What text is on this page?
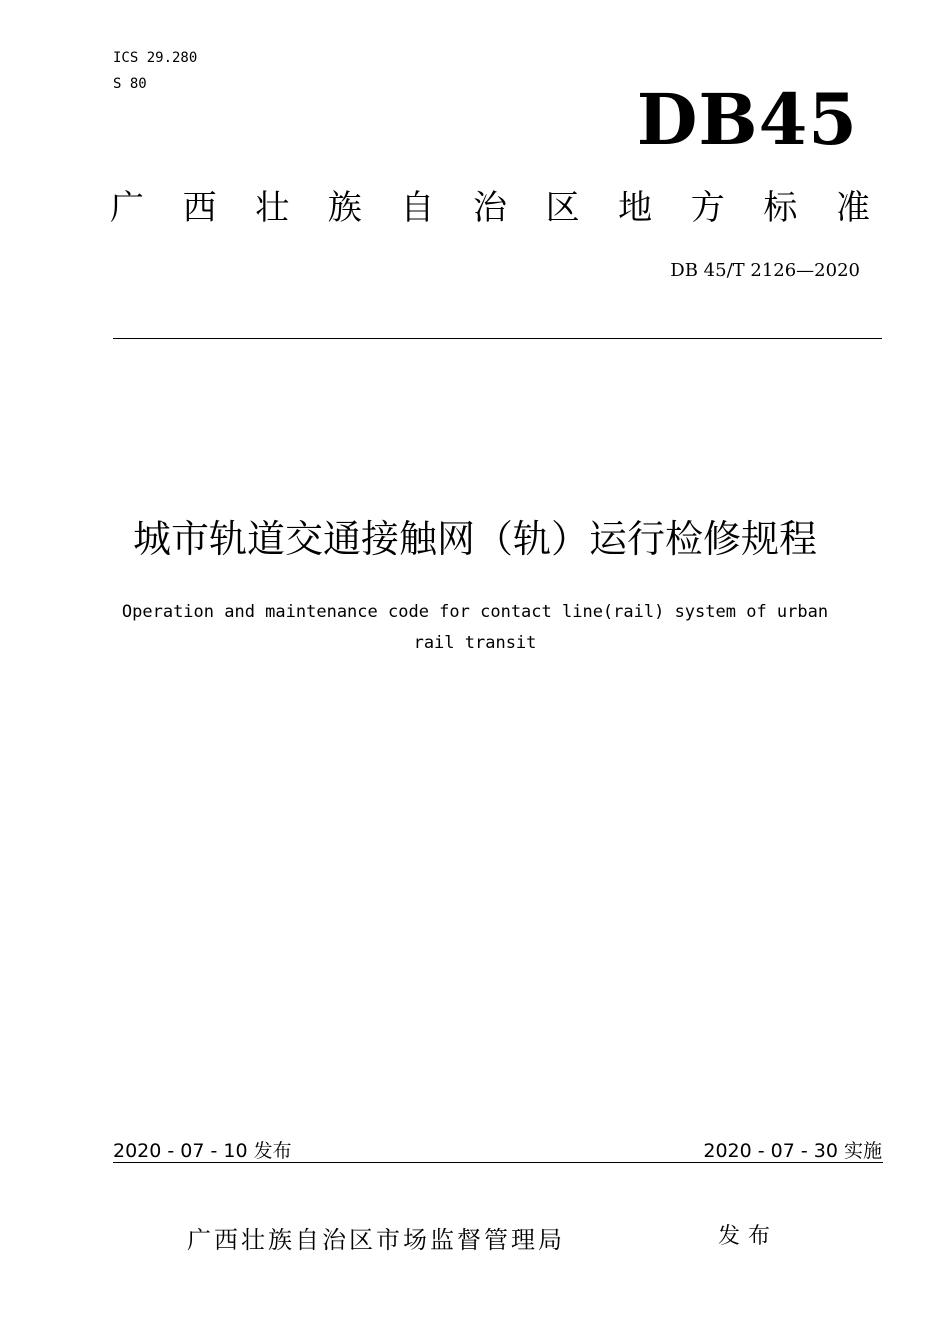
ICS 29.280
S 80	DB45
广 西 壮 族 自 治 区 地 方 标 准
DB 45/T 2126—2020
城市轨道交通接触网（轨）运行检修规程
Operation and maintenance code for contact line(rail) system of urban
rail transit
2020 - 07 - 10 发布	2020 - 07 - 30 实施
广西壮族自治区市场监督管理局	发布
